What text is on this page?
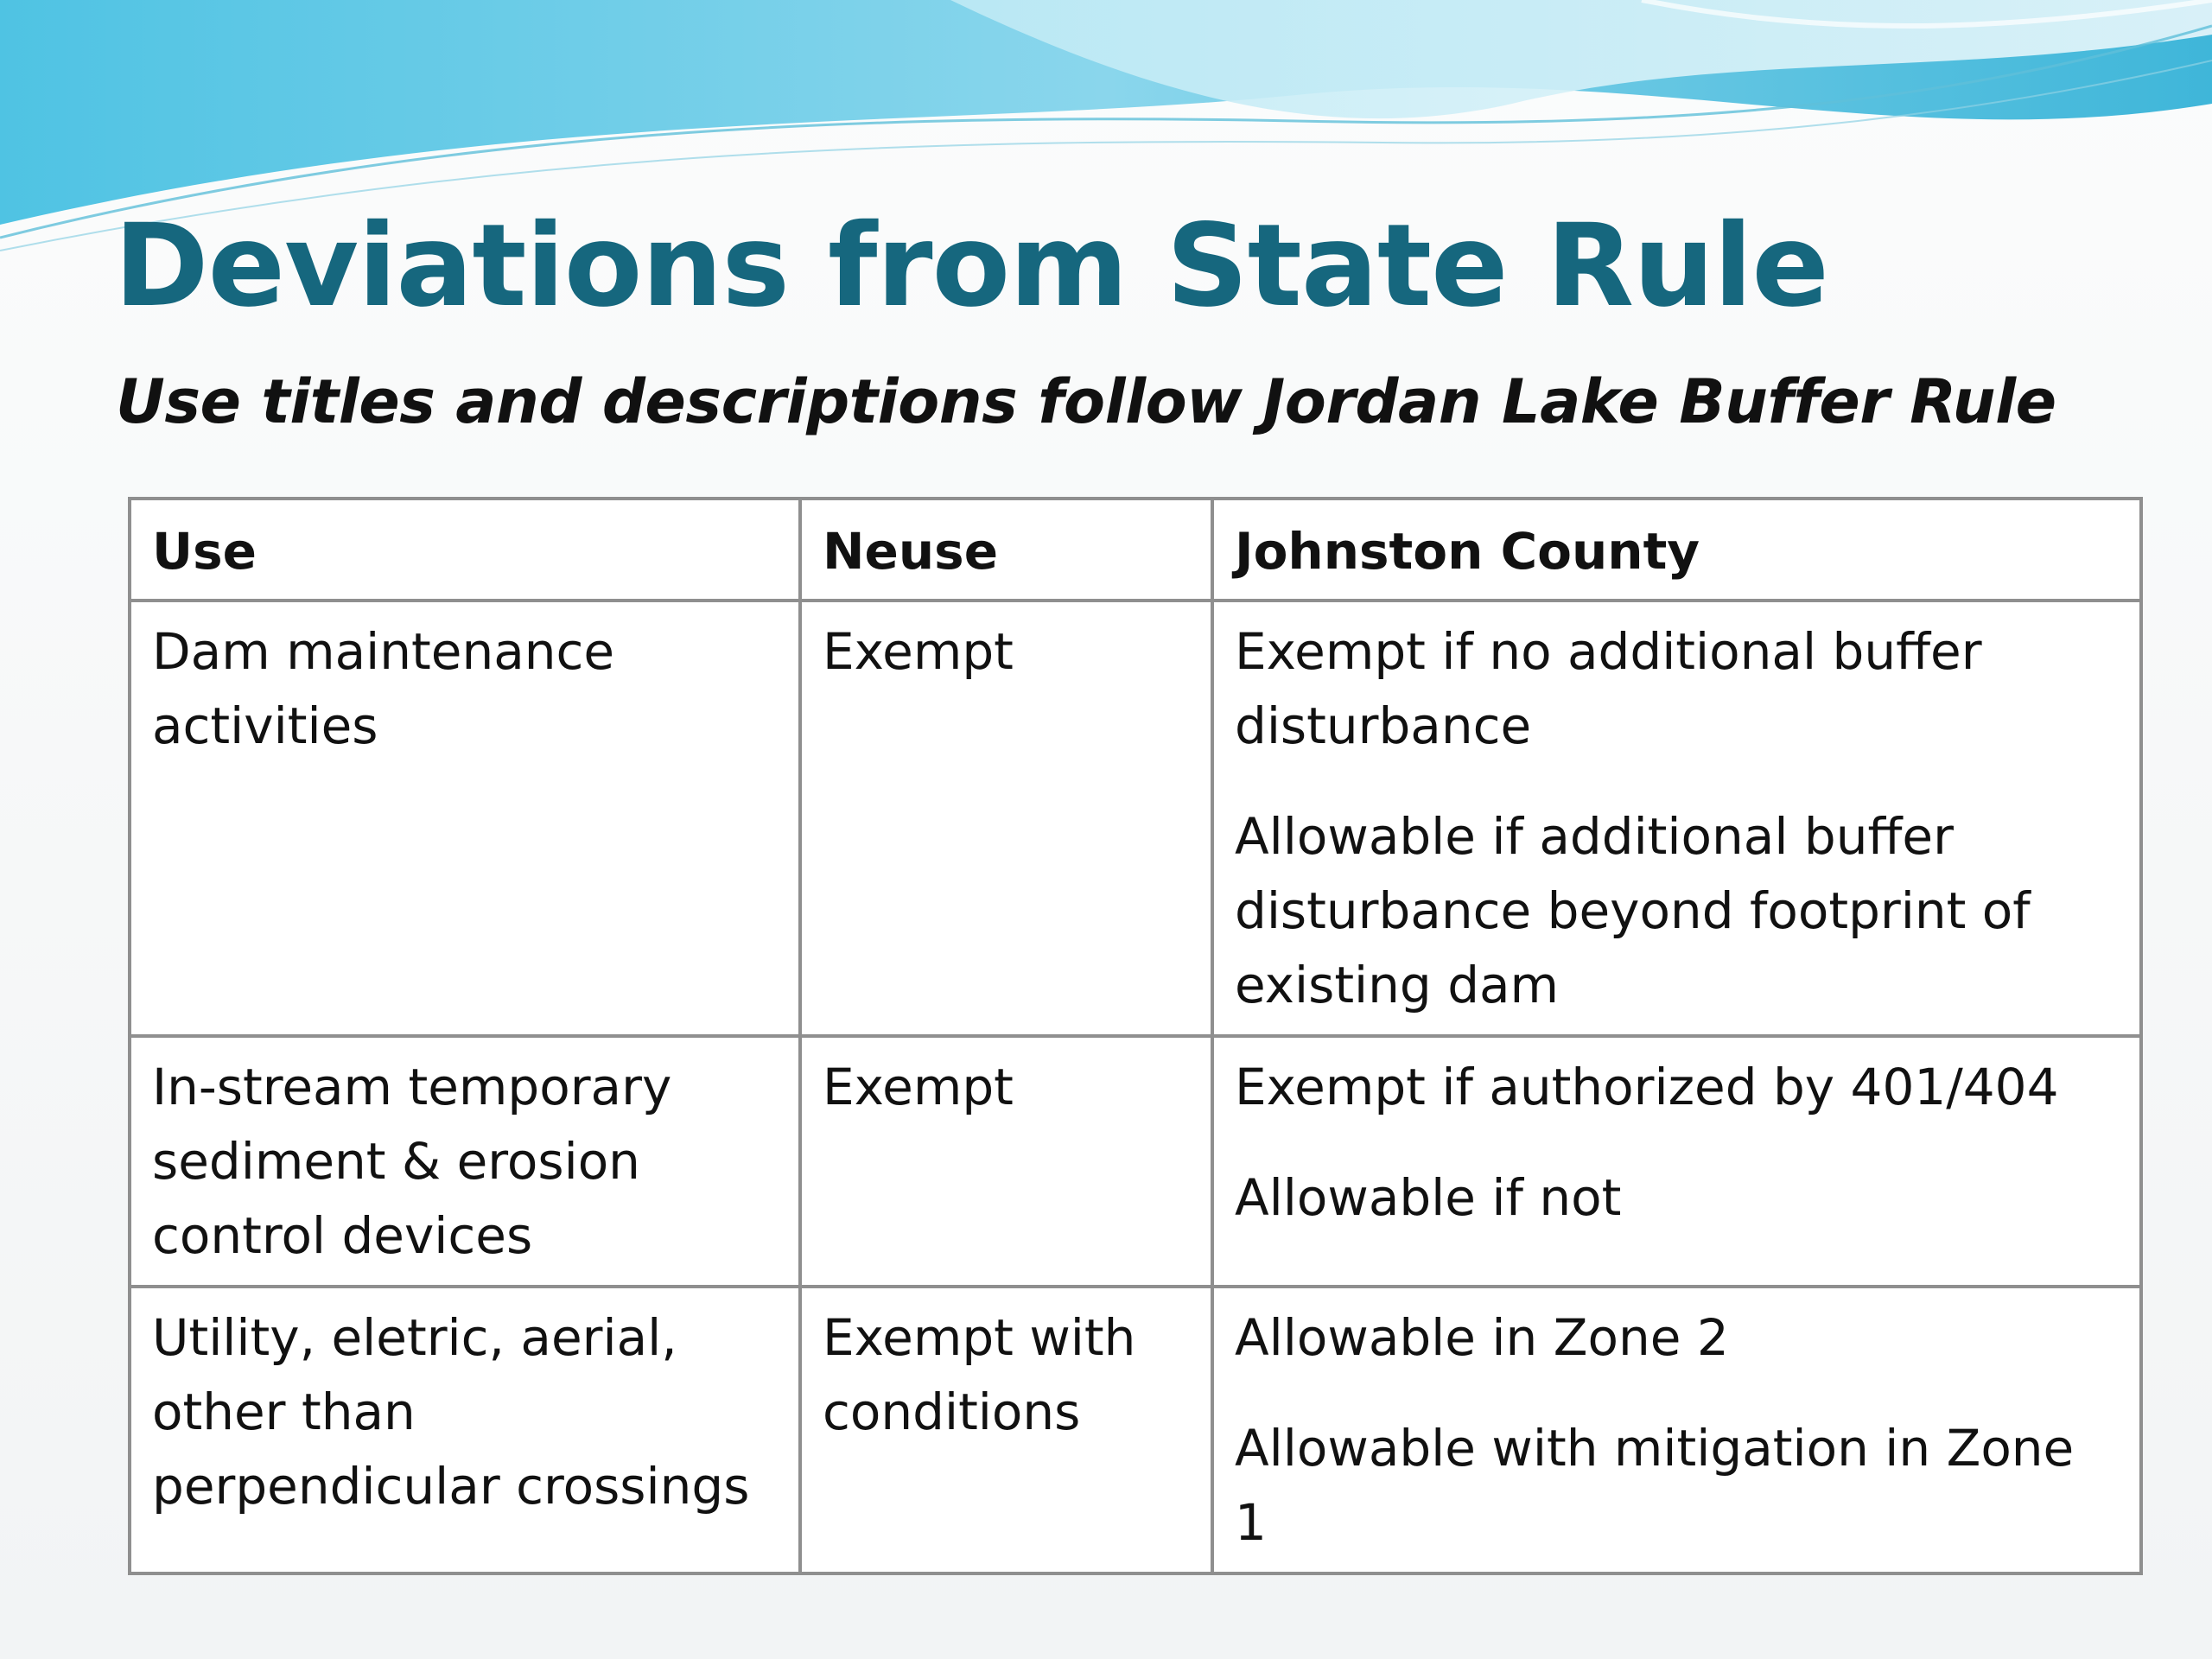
Deviations from State Rule
Use titles and descriptions follow Jordan Lake Buffer Rule
Use	Neuse	Johnston County
Dam maintenance activities	Exempt	Exempt if no additional buffer disturbance

Allowable if additional buffer disturbance beyond footprint of existing dam

In-stream temporary sediment & erosion control devices	Exempt	Exempt if authorized by 401/404

Allowable if not

Utility, eletric, aerial, other than perpendicular crossings	Exempt with conditions	Allowable in Zone 2

Allowable with mitigation in Zone 1
